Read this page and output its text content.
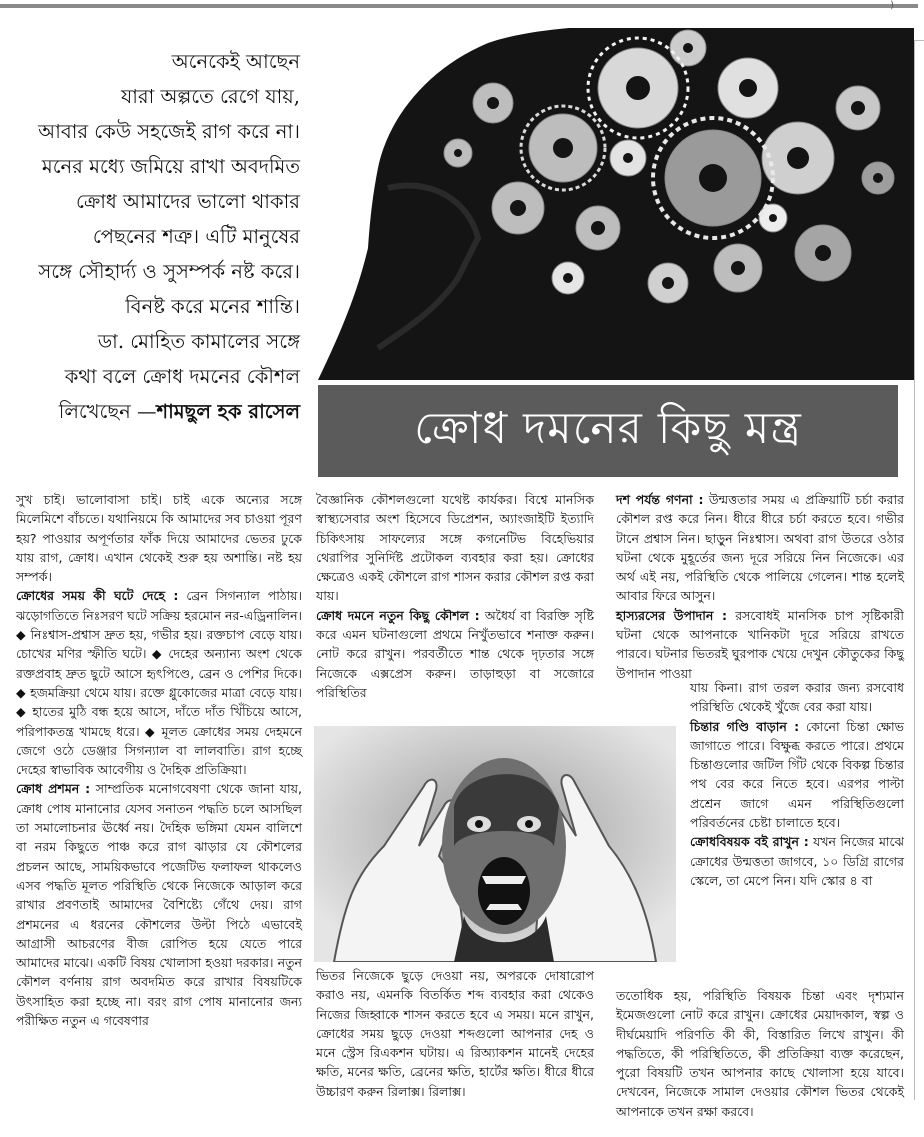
)
অনেকেই আছেন
যারা অল্পতে রেগে যায়,
আবার কেউ সহজেই রাগ করে না।
মনের মধ্যে জমিয়ে রাখা অবদমিত
ক্রোধ আমাদের ভালো থাকার
পেছনের শত্রু। এটি মানুষের
সঙ্গে সৌহার্দ্য ও সুসম্পর্ক নষ্ট করে।
বিনষ্ট করে মনের শান্তি।
ডা. মোহিত কামালের সঙ্গে
কথা বলে ক্রোধ দমনের কৌশল
লিখেছেন —শামছুল হক রাসেল	ক্রোধ দমনের কিছু মন্ত্র

সুখ চাই। ভালোবাসা চাই। চাই একে অন্যের সঙ্গে মিলেমিশে বাঁচতে। যথানিয়মে কি আমাদের সব চাওয়া পূরণ হয়? পাওয়ার অপূর্ণতার ফাঁক দিয়ে আমাদের ভেতর ঢুকে যায় রাগ, ক্রোধ। এখান থেকেই শুরু হয় অশান্তি। নষ্ট হয় সম্পর্ক।

ক্রোধের সময় কী ঘটে দেহে : ব্রেন সিগন্যাল পাঠায়। ঝড়োগতিতে নিঃসরণ ঘটে সক্রিয় হরমোন নর-এড্রিনালিন। ◆ নিঃশ্বাস-প্রশ্বাস দ্রুত হয়, গভীর হয়। রক্তচাপ বেড়ে যায়। চোখের মণির স্ফীতি ঘটে। ◆ দেহের অন্যান্য অংশ থেকে রক্তপ্রবাহ দ্রুত ছুটে আসে হৃৎপিণ্ডে, ব্রেন ও পেশির দিকে। ◆ হজমক্রিয়া থেমে যায়। রক্তে গ্লুকোজের মাত্রা বেড়ে যায়। ◆ হাতের মুঠি বন্ধ হয়ে আসে, দাঁতে দাঁত খিঁচিয়ে আসে, পরিপাকতন্ত্র খামছে ধরে। ◆ মূলত ক্রোধের সময় দেহমনে জেগে ওঠে ডেঞ্জার সিগন্যাল বা লালবাতি। রাগ হচ্ছে দেহের স্বাভাবিক আবেগীয় ও দৈহিক প্রতিক্রিয়া।

ক্রোধ প্রশমন : সাম্প্রতিক মনোগবেষণা থেকে জানা যায়, ক্রোধ পোষ মানানোর যেসব সনাতন পদ্ধতি চলে আসছিল তা সমালোচনার ঊর্ধ্বে নয়। দৈহিক ভঙ্গিমা যেমন বালিশে বা নরম কিছুতে পাঞ্চ করে রাগ ঝাড়ার যে কৌশলের প্রচলন আছে, সাময়িকভাবে পজেটিভ ফলাফল থাকলেও এসব পদ্ধতি মূলত পরিস্থিতি থেকে নিজেকে আড়াল করে রাখার প্রবণতাই আমাদের বৈশিষ্ট্যে গেঁথে দেয়। রাগ প্রশমনের এ ধরনের কৌশলের উল্টা পিঠে এভাবেই আগ্রাসী আচরণের বীজ রোপিত হয়ে যেতে পারে আমাদের মাঝে। একটি বিষয় খোলাসা হওয়া দরকার। নতুন কৌশল বর্ণনায় রাগ অবদমিত করে রাখার বিষয়টিকে উৎসাহিত করা হচ্ছে না। বরং রাগ পোষ মানানোর জন্য পরীক্ষিত নতুন এ গবেষণার

বৈজ্ঞানিক কৌশলগুলো যথেষ্ট কার্যকর। বিশ্বে মানসিক স্বাস্থ্যসেবার অংশ হিসেবে ডিপ্রেশন, অ্যাংজাইটি ইত্যাদি চিকিৎসায় সাফল্যের সঙ্গে কগনেটিভ বিহেভিয়ার থেরাপির সুনির্দিষ্ট প্রটোকল ব্যবহার করা হয়। ক্রোধের ক্ষেত্রেও একই কৌশলে রাগ শাসন করার কৌশল রপ্ত করা যায়।

ক্রোধ দমনে নতুন কিছু কৌশল : অধৈর্য বা বিরক্তি সৃষ্টি করে এমন ঘটনাগুলো প্রথমে নিখুঁতভাবে শনাক্ত করুন। নোট করে রাখুন। পরবর্তীতে শান্ত থেকে দৃঢ়তার সঙ্গে নিজেকে এক্সপ্রেস করুন। তাড়াহুড়া বা সজোরে পরিস্থিতির

ভিতর নিজেকে ছুড়ে দেওয়া নয়, অপরকে দোষারোপ করাও নয়, এমনকি বিতর্কিত শব্দ ব্যবহার করা থেকেও নিজের জিহ্বাকে শাসন করতে হবে এ সময়। মনে রাখুন, ক্রোধের সময় ছুড়ে দেওয়া শব্দগুলো আপনার দেহ ও মনে স্ট্রেস রিএকশন ঘটায়। এ রিঅ্যাকশন মানেই দেহের ক্ষতি, মনের ক্ষতি, ব্রেনের ক্ষতি, হার্টের ক্ষতি। ধীরে ধীরে উচ্চারণ করুন রিলাক্স। রিলাক্স।

দশ পর্যন্ত গণনা : উন্মত্ততার সময় এ প্রক্রিয়াটি চর্চা করার কৌশল রপ্ত করে নিন। ধীরে ধীরে চর্চা করতে হবে। গভীর টানে প্রশ্বাস নিন। ছাড়ুন নিঃশ্বাস। অথবা রাগ উতরে ওঠার ঘটনা থেকে মুহূর্তের জন্য দূরে সরিয়ে নিন নিজেকে। এর অর্থ এই নয়, পরিস্থিতি থেকে পালিয়ে গেলেন। শান্ত হলেই আবার ফিরে আসুন।

হাস্যরসের উপাদান : রসবোধই মানসিক চাপ সৃষ্টিকারী ঘটনা থেকে আপনাকে খানিকটা দূরে সরিয়ে রাখতে পারবে। ঘটনার ভিতরই ঘুরপাক খেয়ে দেখুন কৌতুকের কিছু উপাদান পাওয়া

যায় কিনা। রাগ তরল করার জন্য রসবোধ পরিস্থিতি থেকেই খুঁজে বের করা যায়।

চিন্তার গণ্ডি বাড়ান : কোনো চিন্তা ক্ষোভ জাগাতে পারে। বিক্ষুব্ধ করতে পারে। প্রথমে চিন্তাগুলোর জটিল গিঁট থেকে বিকল্প চিন্তার পথ বের করে নিতে হবে। এরপর পাল্টা প্রশ্রেন জাগে এমন পরিস্থিতিগুলো পরিবর্তনের চেষ্টা চালাতে হবে।

ক্রোধবিষয়ক বই রাখুন : যখন নিজের মাঝে ক্রোধের উন্মত্ততা জাগবে, ১০ ডিগ্রি রাগের স্কেলে, তা মেপে নিন। যদি স্কোর ৪ বা

ততোধিক হয়, পরিস্থিতি বিষয়ক চিন্তা এবং দৃশ্যমান ইমেজগুলো নোট করে রাখুন। ক্রোধের মেয়াদকাল, স্বল্প ও দীর্ঘমেয়াদি পরিণতি কী কী, বিস্তারিত লিখে রাখুন। কী পদ্ধতিতে, কী পরিস্থিতিতে, কী প্রতিক্রিয়া ব্যক্ত করেছেন, পুরো বিষয়টি তখন আপনার কাছে খোলাসা হয়ে যাবে। দেখবেন, নিজেকে সামাল দেওয়ার কৌশল ভিতর থেকেই আপনাকে তখন রক্ষা করবে।
